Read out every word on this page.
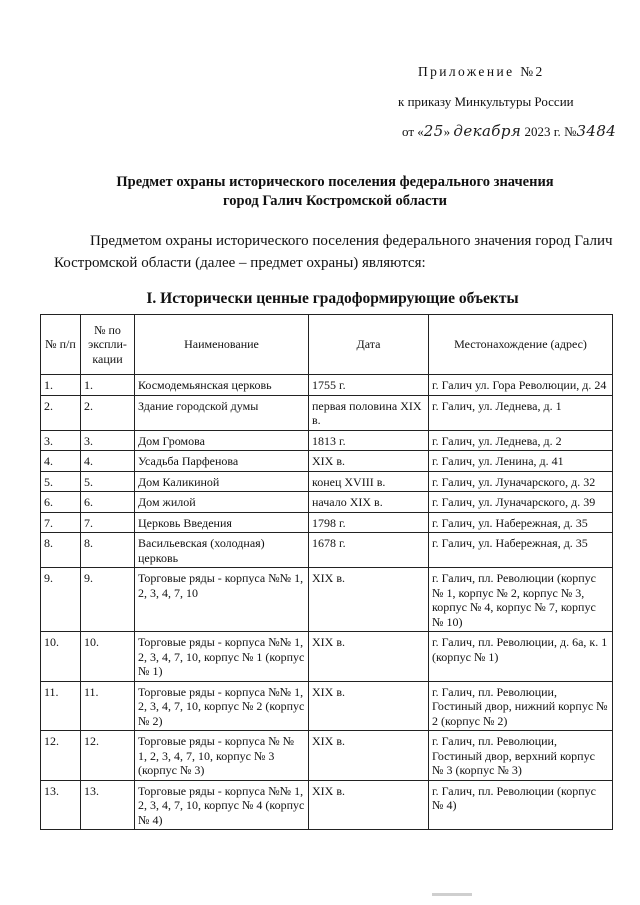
Приложение №2
к приказу Минкультуры России
от «25» декабря 2023 г. №3484
Предмет охраны исторического поселения федерального значения
город Галич Костромской области

Предметом охраны исторического поселения федерального значения город Галич Костромской области (далее – предмет охраны) являются:

I. Исторически ценные градоформирующие объекты
№ п/п	№ по экспли-кации	Наименование	Дата	Местонахождение (адрес)
1.	1.	Космодемьянская церковь	1755 г.	г. Галич ул. Гора Революции, д. 24
2.	2.	Здание городской думы	первая половина XIX в.	г. Галич, ул. Леднева, д. 1
3.	3.	Дом Громова	1813 г.	г. Галич, ул. Леднева, д. 2
4.	4.	Усадьба Парфенова	XIX в.	г. Галич, ул. Ленина, д. 41
5.	5.	Дом Каликиной	конец XVIII в.	г. Галич, ул. Луначарского, д. 32
6.	6.	Дом жилой	начало XIX в.	г. Галич, ул. Луначарского, д. 39
7.	7.	Церковь Введения	1798 г.	г. Галич, ул. Набережная, д. 35
8.	8.	Васильевская (холодная) церковь	1678 г.	г. Галич, ул. Набережная, д. 35
9.	9.	Торговые ряды - корпуса №№ 1, 2, 3, 4, 7, 10	XIX в.	г. Галич, пл. Революции (корпус № 1, корпус № 2, корпус № 3, корпус № 4, корпус № 7, корпус № 10)
10.	10.	Торговые ряды - корпуса №№ 1, 2, 3, 4, 7, 10, корпус № 1 (корпус № 1)	XIX в.	г. Галич, пл. Революции, д. 6а, к. 1 (корпус № 1)
11.	11.	Торговые ряды - корпуса №№ 1, 2, 3, 4, 7, 10, корпус № 2 (корпус № 2)	XIX в.	г. Галич, пл. Революции, Гостиный двор, нижний корпус № 2 (корпус № 2)
12.	12.	Торговые ряды - корпуса № № 1, 2, 3, 4, 7, 10, корпус № 3 (корпус № 3)	XIX в.	г. Галич, пл. Революции, Гостиный двор, верхний корпус № 3 (корпус № 3)
13.	13.	Торговые ряды - корпуса №№ 1, 2, 3, 4, 7, 10, корпус № 4 (корпус № 4)	XIX в.	г. Галич, пл. Революции (корпус № 4)
